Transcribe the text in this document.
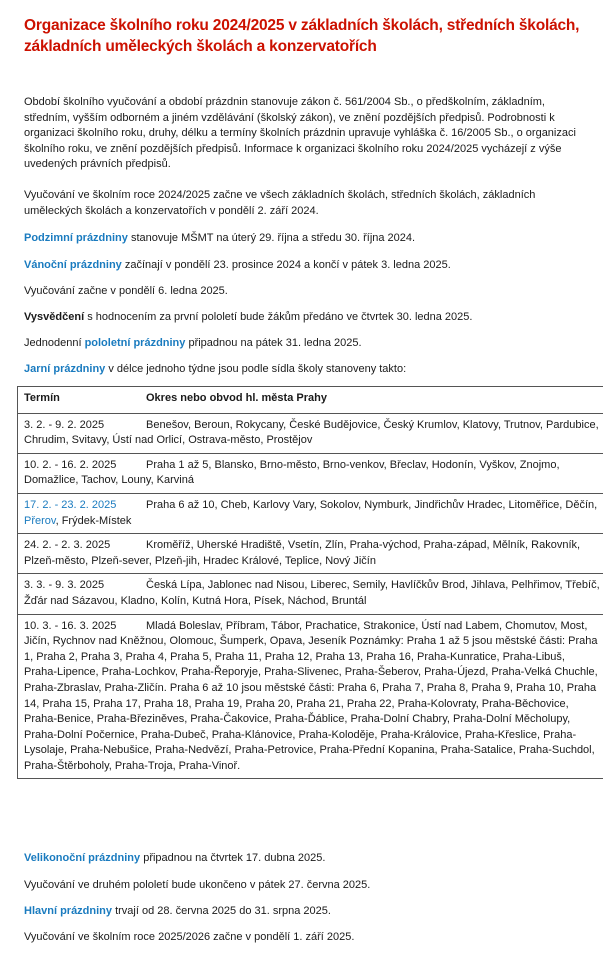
Organizace školního roku 2024/2025 v základních školách, středních školách, základních uměleckých školách a konzervatořích

Období školního vyučování a období prázdnin stanovuje zákon č. 561/2004 Sb., o předškolním, základním, středním, vyšším odborném a jiném vzdělávání (školský zákon), ve znění pozdějších předpisů. Podrobnosti k organizaci školního roku, druhy, délku a termíny školních prázdnin upravuje vyhláška č. 16/2005 Sb., o organizaci školního roku, ve znění pozdějších předpisů. Informace k organizaci školního roku 2024/2025 vycházejí z výše uvedených právních předpisů.

Vyučování ve školním roce 2024/2025 začne ve všech základních školách, středních školách, základních uměleckých školách a konzervatořích v pondělí 2. září 2024.

Podzimní prázdniny stanovuje MŠMT na úterý 29. října a středu 30. října 2024.

Vánoční prázdniny začínají v pondělí 23. prosince 2024 a končí v pátek 3. ledna 2025.

Vyučování začne v pondělí 6. ledna 2025.

Vysvědčení s hodnocením za první pololetí bude žákům předáno ve čtvrtek 30. ledna 2025.

Jednodenní pololetní prázdniny připadnou na pátek 31. ledna 2025.

Jarní prázdniny v délce jednoho týdne jsou podle sídla školy stanoveny takto:

Termín	Okres nebo obvod hl. města Prahy

3. 2. - 9. 2. 2025	Benešov, Beroun, Rokycany, České Budějovice, Český Krumlov, Klatovy, Trutnov, Pardubice, Chrudim, Svitavy, Ústí nad Orlicí, Ostrava-město, Prostějov

10. 2. - 16. 2. 2025	Praha 1 až 5, Blansko, Brno-město, Brno-venkov, Břeclav, Hodonín, Vyškov, Znojmo, Domažlice, Tachov, Louny, Karviná

17. 2. - 23. 2. 2025	Praha 6 až 10, Cheb, Karlovy Vary, Sokolov, Nymburk, Jindřichův Hradec, Litoměřice, Děčín, Přerov, Frýdek-Místek

24. 2. - 2. 3. 2025	Kroměříž, Uherské Hradiště, Vsetín, Zlín, Praha-východ, Praha-západ, Mělník, Rakovník, Plzeň-město, Plzeň-sever, Plzeň-jih, Hradec Králové, Teplice, Nový Jičín

3. 3. - 9. 3. 2025	Česká Lípa, Jablonec nad Nisou, Liberec, Semily, Havlíčkův Brod, Jihlava, Pelhřimov, Třebíč, Žďár nad Sázavou, Kladno, Kolín, Kutná Hora, Písek, Náchod, Bruntál

10. 3. - 16. 3. 2025	Mladá Boleslav, Příbram, Tábor, Prachatice, Strakonice, Ústí nad Labem, Chomutov, Most, Jičín, Rychnov nad Kněžnou, Olomouc, Šumperk, Opava, Jeseník Poznámky: Praha 1 až 5 jsou městské části: Praha 1, Praha 2, Praha 3, Praha 4, Praha 5, Praha 11, Praha 12, Praha 13, Praha 16, Praha-Kunratice, Praha-Libuš, Praha-Lipence, Praha-Lochkov, Praha-Řeporyje, Praha-Slivenec, Praha-Šeberov, Praha-Újezd, Praha-Velká Chuchle, Praha-Zbraslav, Praha-Zličín. Praha 6 až 10 jsou městské části: Praha 6, Praha 7, Praha 8, Praha 9, Praha 10, Praha 14, Praha 15, Praha 17, Praha 18, Praha 19, Praha 20, Praha 21, Praha 22, Praha-Kolovraty, Praha-Běchovice, Praha-Benice, Praha-Březiněves, Praha-Čakovice, Praha-Ďáblice, Praha-Dolní Chabry, Praha-Dolní Měcholupy, Praha-Dolní Počernice, Praha-Dubeč, Praha-Klánovice, Praha-Koloděje, Praha-Královice, Praha-Křeslice, Praha-Lysolaje, Praha-Nebušice, Praha-Nedvězí, Praha-Petrovice, Praha-Přední Kopanina, Praha-Satalice, Praha-Suchdol, Praha-Štěrboholy, Praha-Troja, Praha-Vinoř.

Velikonoční prázdniny připadnou na čtvrtek 17. dubna 2025.

Vyučování ve druhém pololetí bude ukončeno v pátek 27. června 2025.

Hlavní prázdniny trvají od 28. června 2025 do 31. srpna 2025.

Vyučování ve školním roce 2025/2026 začne v pondělí 1. září 2025.
